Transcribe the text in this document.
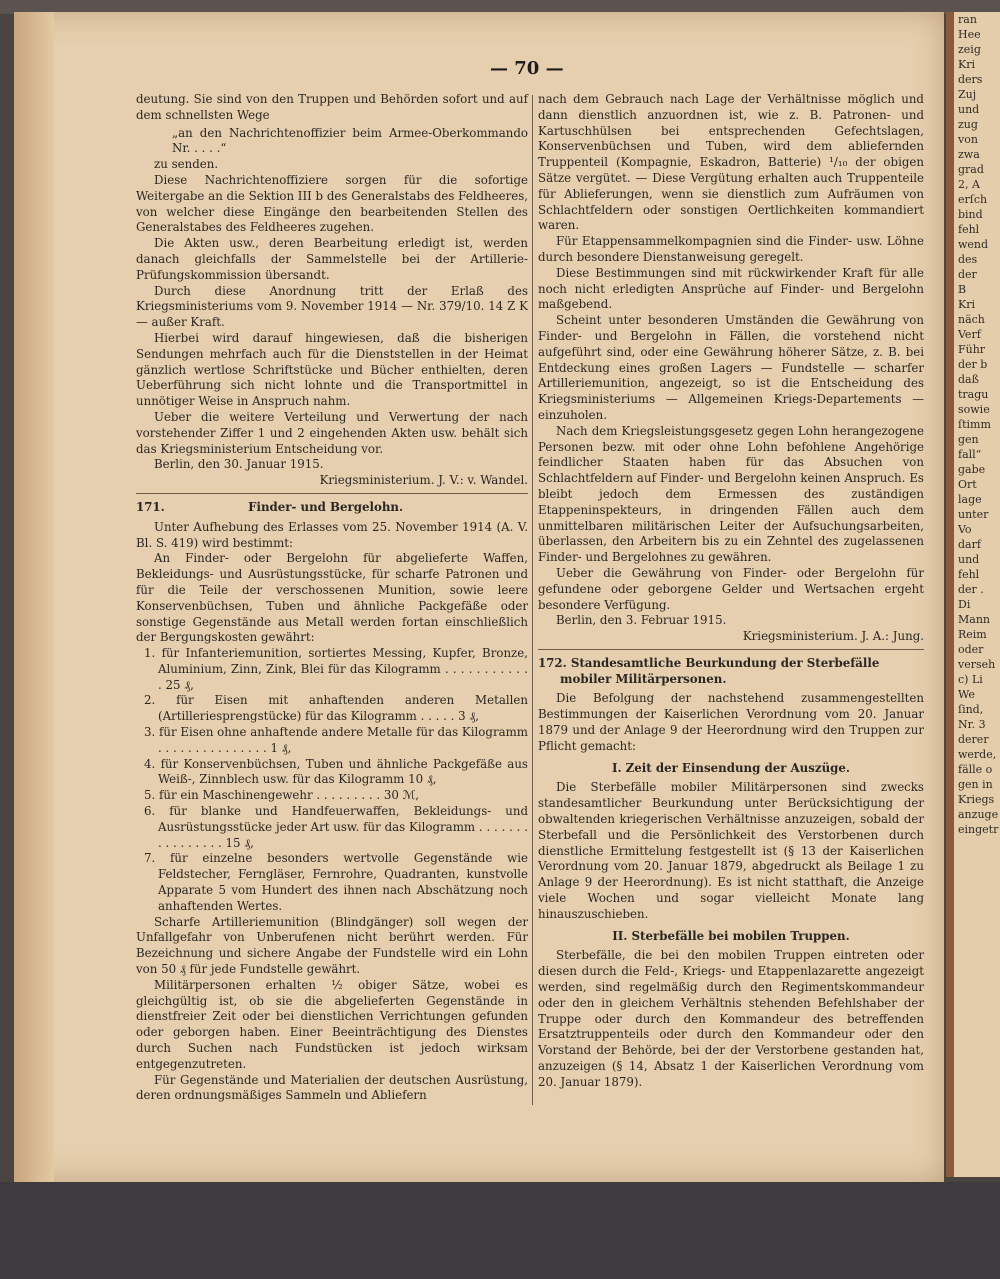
ran
Hee
zeig
Kri
ders
Zuj
und
zug
von
zwa
grad
2, A
erſch
bind
fehl
wend
des
der
B
Kri
näch
Verf
Führ
der b
daß
tragu
sowie
ſtimm
gen
fall“
gabe
Ort
lage
unter
Vo
darf
und
fehl
der .
Di
Mann
Reim
oder
verseh
c) Li
We
ſind,
Nr. 3
derer
werde,
fälle o
gen in
Kriegs
anzuge
eingetr
— 70 —

deutung. Sie sind von den Truppen und Behörden sofort und auf dem schnellsten Wege

„an den Nachrichtenoffizier beim Armee-Oberkommando Nr. . . . .“

zu senden.

Diese Nachrichtenoffiziere sorgen für die sofortige Weitergabe an die Sektion III b des Generalstabs des Feldheeres, von welcher diese Eingänge den bearbeitenden Stellen des Generalstabes des Feldheeres zugehen.

Die Akten usw., deren Bearbeitung erledigt ist, werden danach gleichfalls der Sammelstelle bei der Artillerie-Prüfungskommission übersandt.

Durch diese Anordnung tritt der Erlaß des Kriegsministeriums vom 9. November 1914 — Nr. 379/10. 14 Z K — außer Kraft.

Hierbei wird darauf hingewiesen, daß die bisherigen Sendungen mehrfach auch für die Dienststellen in der Heimat gänzlich wertlose Schriftstücke und Bücher enthielten, deren Ueberführung sich nicht lohnte und die Transportmittel in unnötiger Weise in Anspruch nahm.

Ueber die weitere Verteilung und Verwertung der nach vorstehender Ziffer 1 und 2 eingehenden Akten usw. behält sich das Kriegsministerium Entscheidung vor.

Berlin, den 30. Januar 1915.

Kriegsministerium. J. V.: v. Wandel.

171.	Finder- und Bergelohn.

Unter Aufhebung des Erlasses vom 25. November 1914 (A. V. Bl. S. 419) wird bestimmt:

An Finder- oder Bergelohn für abgelieferte Waffen, Bekleidungs- und Ausrüstungsstücke, für scharfe Patronen und für die Teile der verschossenen Munition, sowie leere Konservenbüchsen, Tuben und ähnliche Packgefäße oder sonstige Gegenstände aus Metall werden fortan einschließlich der Bergungskosten gewährt:

1. für Infanteriemunition, sortiertes Messing, Kupfer, Bronze, Aluminium, Zinn, Zink, Blei für das Kilogramm . . . . . . . . . . . . 25 ₰,

2. für Eisen mit anhaftenden anderen Metallen (Artilleriesprengstücke) für das Kilogramm . . . . . 3 ₰,

3. für Eisen ohne anhaftende andere Metalle für das Kilogramm . . . . . . . . . . . . . . . 1 ₰,

4. für Konservenbüchsen, Tuben und ähnliche Packgefäße aus Weiß-, Zinnblech usw. für das Kilogramm 10 ₰,

5. für ein Maschinengewehr . . . . . . . . . 30 ℳ,

6. für blanke und Handfeuerwaffen, Bekleidungs- und Ausrüstungsstücke jeder Art usw. für das Kilogramm . . . . . . . . . . . . . . . . 15 ₰,

7. für einzelne besonders wertvolle Gegenstände wie Feldstecher, Ferngläser, Fernrohre, Quadranten, kunstvolle Apparate 5 vom Hundert des ihnen nach Abschätzung noch anhaftenden Wertes.

Scharfe Artilleriemunition (Blindgänger) soll wegen der Unfallgefahr von Unberufenen nicht berührt werden. Für Bezeichnung und sichere Angabe der Fundstelle wird ein Lohn von 50 ₰ für jede Fundstelle gewährt.

Militärpersonen erhalten ½ obiger Sätze, wobei es gleichgültig ist, ob sie die abgelieferten Gegenstände in dienstfreier Zeit oder bei dienstlichen Verrichtungen gefunden oder geborgen haben. Einer Beeinträchtigung des Dienstes durch Suchen nach Fundstücken ist jedoch wirksam entgegenzutreten.

Für Gegenstände und Materialien der deutschen Ausrüstung, deren ordnungsmäßiges Sammeln und Abliefern

nach dem Gebrauch nach Lage der Verhältnisse möglich und dann dienstlich anzuordnen ist, wie z. B. Patronen- und Kartuschhülsen bei entsprechenden Gefechtslagen, Konservenbüchsen und Tuben, wird dem abliefernden Truppenteil (Kompagnie, Eskadron, Batterie) ¹/₁₀ der obigen Sätze vergütet. — Diese Vergütung erhalten auch Truppenteile für Ablieferungen, wenn sie dienstlich zum Aufräumen von Schlachtfeldern oder sonstigen Oertlichkeiten kommandiert waren.

Für Etappensammelkompagnien sind die Finder- usw. Löhne durch besondere Dienstanweisung geregelt.

Diese Bestimmungen sind mit rückwirkender Kraft für alle noch nicht erledigten Ansprüche auf Finder- und Bergelohn maßgebend.

Scheint unter besonderen Umständen die Gewährung von Finder- und Bergelohn in Fällen, die vorstehend nicht aufgeführt sind, oder eine Gewährung höherer Sätze, z. B. bei Entdeckung eines großen Lagers — Fundstelle — scharfer Artilleriemunition, angezeigt, so ist die Entscheidung des Kriegsministeriums — Allgemeinen Kriegs-Departements — einzuholen.

Nach dem Kriegsleistungsgesetz gegen Lohn herangezogene Personen bezw. mit oder ohne Lohn befohlene Angehörige feindlicher Staaten haben für das Absuchen von Schlachtfeldern auf Finder- und Bergelohn keinen Anspruch. Es bleibt jedoch dem Ermessen des zuständigen Etappeninspekteurs, in dringenden Fällen auch dem unmittelbaren militärischen Leiter der Aufsuchungsarbeiten, überlassen, den Arbeitern bis zu ein Zehntel des zugelassenen Finder- und Bergelohnes zu gewähren.

Ueber die Gewährung von Finder- oder Bergelohn für gefundene oder geborgene Gelder und Wertsachen ergeht besondere Verfügung.

Berlin, den 3. Februar 1915.

Kriegsministerium. J. A.: Jung.

172. Standesamtliche Beurkundung der Sterbefälle mobiler Militärpersonen.

Die Befolgung der nachstehend zusammengestellten Bestimmungen der Kaiserlichen Verordnung vom 20. Januar 1879 und der Anlage 9 der Heerordnung wird den Truppen zur Pflicht gemacht:

I. Zeit der Einsendung der Auszüge.

Die Sterbefälle mobiler Militärpersonen sind zwecks standesamtlicher Beurkundung unter Berücksichtigung der obwaltenden kriegerischen Verhältnisse anzuzeigen, sobald der Sterbefall und die Persönlichkeit des Verstorbenen durch dienstliche Ermittelung festgestellt ist (§ 13 der Kaiserlichen Verordnung vom 20. Januar 1879, abgedruckt als Beilage 1 zu Anlage 9 der Heerordnung). Es ist nicht statthaft, die Anzeige viele Wochen und sogar vielleicht Monate lang hinauszuschieben.

II. Sterbefälle bei mobilen Truppen.

Sterbefälle, die bei den mobilen Truppen eintreten oder diesen durch die Feld-, Kriegs- und Etappenlazarette angezeigt werden, sind regelmäßig durch den Regimentskommandeur oder den in gleichem Verhältnis stehenden Befehlshaber der Truppe oder durch den Kommandeur des betreffenden Ersatztruppenteils oder durch den Kommandeur oder den Vorstand der Behörde, bei der der Verstorbene gestanden hat, anzuzeigen (§ 14, Absatz 1 der Kaiserlichen Verordnung vom 20. Januar 1879).
